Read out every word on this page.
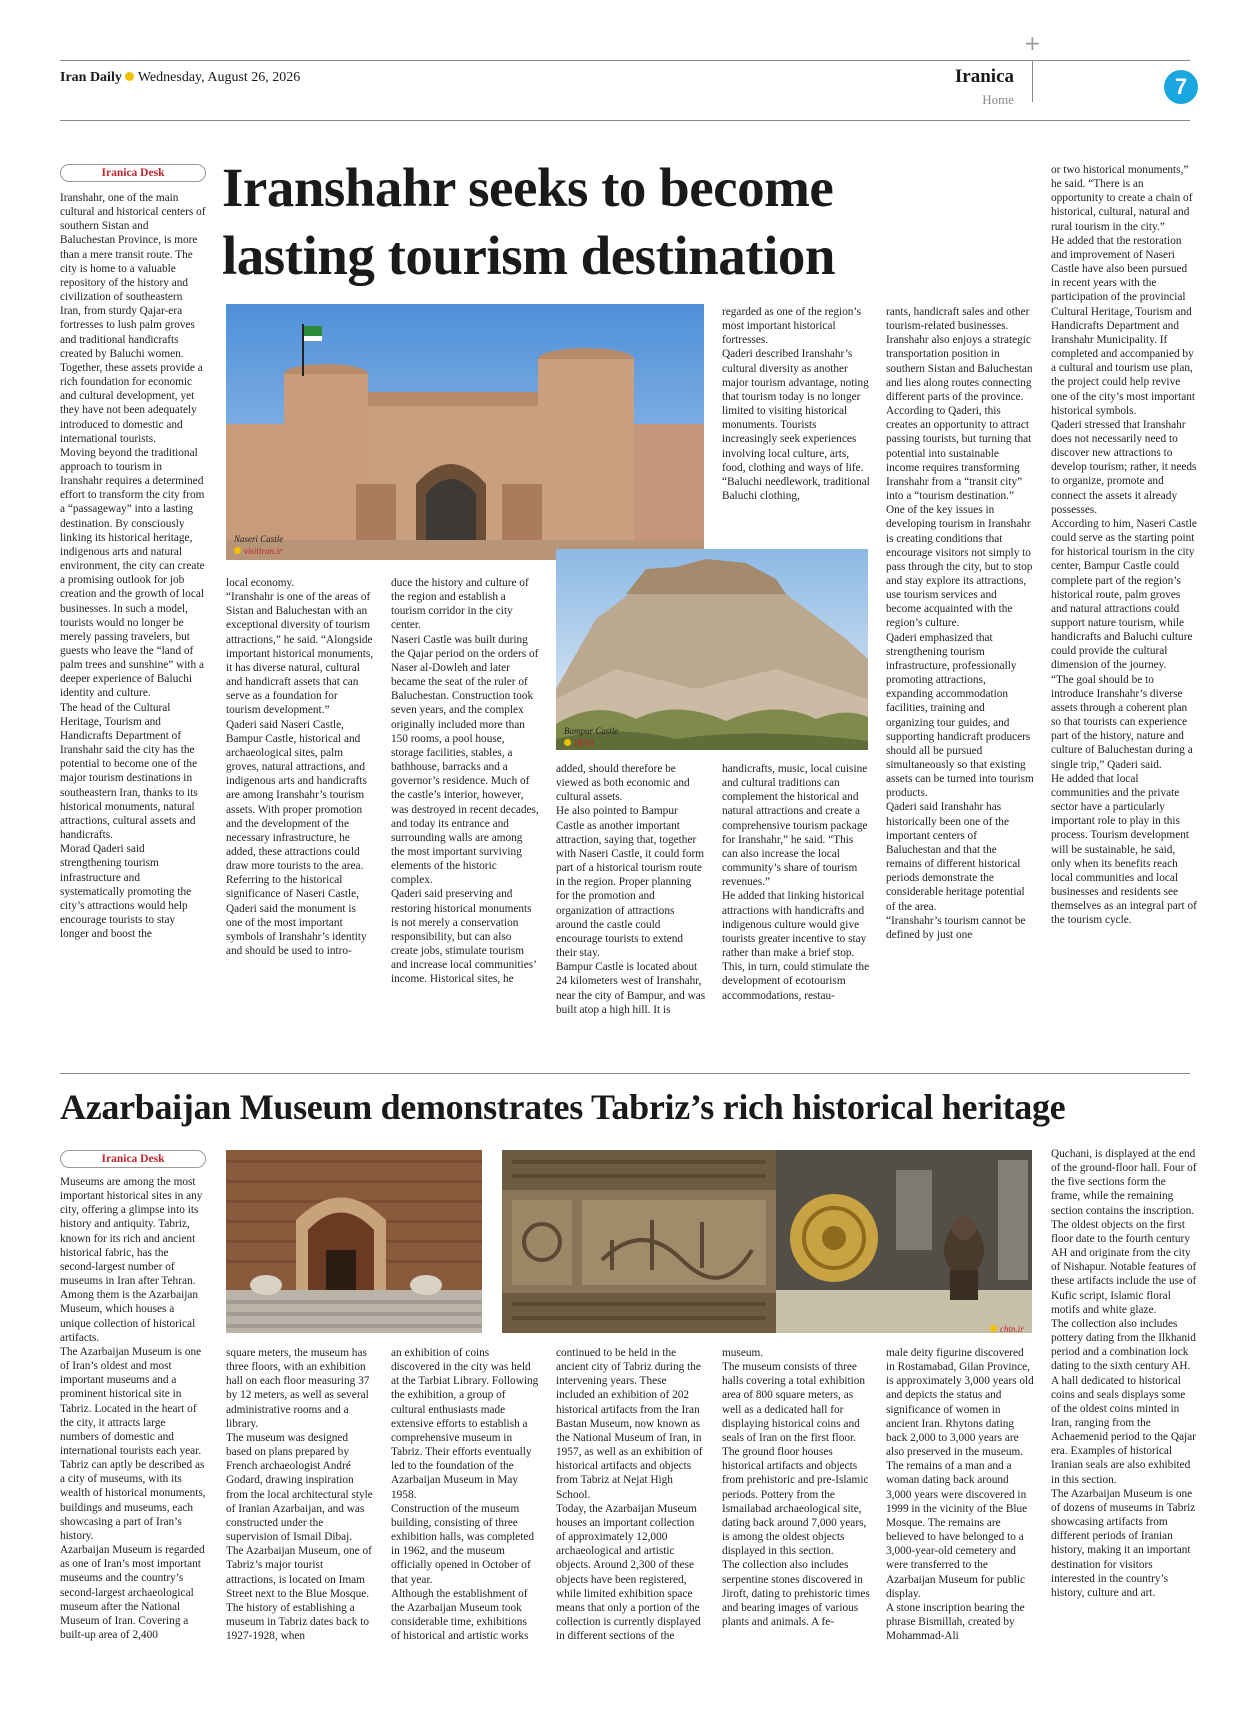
+
Iran Daily Wednesday, August 26, 2026	Iranica
Home
7
Iranica Desk	Iranshahr seeks to become
lasting tourism destination
Naseri Castle
visitiran.ir
Bampur Castle
IRNA
Iranshahr, one of the main cultural and historical centers of southern Sistan and Baluchestan Province, is more than a mere transit route. The city is home to a valuable repository of the history and civilization of southeastern Iran, from sturdy Qajar-era fortresses to lush palm groves and traditional handicrafts created by Baluchi women. Together, these assets provide a rich foundation for economic and cultural development, yet they have not been adequately introduced to domestic and international tourists.
Moving beyond the traditional approach to tourism in Iranshahr requires a determined effort to transform the city from a “passageway” into a lasting destination. By consciously linking its historical heritage, indigenous arts and natural environment, the city can create a promising outlook for job creation and the growth of local businesses. In such a model, tourists would no longer be merely passing travelers, but guests who leave the “land of palm trees and sunshine” with a deeper experience of Baluchi identity and culture.
The head of the Cultural Heritage, Tourism and Handicrafts Department of Iranshahr said the city has the potential to become one of the major tourism destinations in southeastern Iran, thanks to its historical monuments, natural attractions, cultural assets and handicrafts.
Morad Qaderi said strengthening tourism infrastructure and systematically promoting the city’s attractions would help encourage tourists to stay longer and boost the
local economy.
“Iranshahr is one of the areas of Sistan and Baluchestan with an exceptional diversity of tourism attractions,” he said. “Alongside important historical monuments, it has diverse natural, cultural and handicraft assets that can serve as a foundation for tourism development.”
Qaderi said Naseri Castle, Bampur Castle, historical and archaeological sites, palm groves, natural attractions, and indigenous arts and handicrafts are among Iranshahr’s tourism assets. With proper promotion and the development of the necessary infrastructure, he added, these attractions could draw more tourists to the area.
Referring to the historical significance of Naseri Castle, Qaderi said the monument is one of the most important symbols of Iranshahr’s identity and should be used to intro-
duce the history and culture of the region and establish a tourism corridor in the city center.
Naseri Castle was built during the Qajar period on the orders of Naser al-Dowleh and later became the seat of the ruler of Baluchestan. Construction took seven years, and the complex originally included more than 150 rooms, a pool house, storage facilities, stables, a bathhouse, barracks and a governor’s residence. Much of the castle’s interior, however, was destroyed in recent decades, and today its entrance and surrounding walls are among the most important surviving elements of the historic complex.
Qaderi said preserving and restoring historical monuments is not merely a conservation responsibility, but can also create jobs, stimulate tourism and increase local communities’ income. Historical sites, he
regarded as one of the region’s most important historical fortresses.
Qaderi described Iranshahr’s cultural diversity as another major tourism advantage, noting that tourism today is no longer limited to visiting historical monuments. Tourists increasingly seek experiences involving local culture, arts, food, clothing and ways of life.
“Baluchi needlework, traditional Baluchi clothing,
added, should therefore be viewed as both economic and cultural assets.
He also pointed to Bampur Castle as another important attraction, saying that, together with Naseri Castle, it could form part of a historical tourism route in the region. Proper planning for the promotion and organization of attractions around the castle could encourage tourists to extend their stay.
Bampur Castle is located about 24 kilometers west of Iranshahr, near the city of Bampur, and was built atop a high hill. It is
handicrafts, music, local cuisine and cultural traditions can complement the historical and natural attractions and create a comprehensive tourism package for Iranshahr,” he said. “This can also increase the local community’s share of tourism revenues.”
He added that linking historical attractions with handicrafts and indigenous culture would give tourists greater incentive to stay rather than make a brief stop. This, in turn, could stimulate the development of ecotourism accommodations, restau-
rants, handicraft sales and other tourism-related businesses.
Iranshahr also enjoys a strategic transportation position in southern Sistan and Baluchestan and lies along routes connecting different parts of the province. According to Qaderi, this creates an opportunity to attract passing tourists, but turning that potential into sustainable income requires transforming Iranshahr from a “transit city” into a “tourism destination.”
One of the key issues in developing tourism in Iranshahr is creating conditions that encourage visitors not simply to pass through the city, but to stop and stay explore its attractions, use tourism services and become acquainted with the region’s culture.
Qaderi emphasized that strengthening tourism infrastructure, professionally promoting attractions, expanding accommodation facilities, training and organizing tour guides, and supporting handicraft producers should all be pursued simultaneously so that existing assets can be turned into tourism products.
Qaderi said Iranshahr has historically been one of the important centers of Baluchestan and that the remains of different historical periods demonstrate the considerable heritage potential of the area.
“Iranshahr’s tourism cannot be defined by just one
or two historical monuments,” he said. “There is an opportunity to create a chain of historical, cultural, natural and rural tourism in the city.”
He added that the restoration and improvement of Naseri Castle have also been pursued in recent years with the participation of the provincial Cultural Heritage, Tourism and Handicrafts Department and Iranshahr Municipality. If completed and accompanied by a cultural and tourism use plan, the project could help revive one of the city’s most important historical symbols.
Qaderi stressed that Iranshahr does not necessarily need to discover new attractions to develop tourism; rather, it needs to organize, promote and connect the assets it already possesses.
According to him, Naseri Castle could serve as the starting point for historical tourism in the city center, Bampur Castle could complete part of the region’s historical route, palm groves and natural attractions could support nature tourism, while handicrafts and Baluchi culture could provide the cultural dimension of the journey.
“The goal should be to introduce Iranshahr’s diverse assets through a coherent plan so that tourists can experience part of the history, nature and culture of Baluchestan during a single trip,” Qaderi said.
He added that local communities and the private sector have a particularly important role to play in this process. Tourism development will be sustainable, he said, only when its benefits reach local communities and local businesses and residents see themselves as an integral part of the tourism cycle.
Azarbaijan Museum demonstrates Tabriz’s rich historical heritage
Iranica Desk
chtn.ir
Museums are among the most important historical sites in any city, offering a glimpse into its history and antiquity. Tabriz, known for its rich and ancient historical fabric, has the second-largest number of museums in Iran after Tehran. Among them is the Azarbaijan Museum, which houses a unique collection of historical artifacts.
The Azarbaijan Museum is one of Iran’s oldest and most important museums and a prominent historical site in Tabriz. Located in the heart of the city, it attracts large numbers of domestic and international tourists each year. Tabriz can aptly be described as a city of museums, with its wealth of historical monuments, buildings and museums, each showcasing a part of Iran’s history.
Azarbaijan Museum is regarded as one of Iran’s most important museums and the country’s second-largest archaeological museum after the National Museum of Iran. Covering a built-up area of 2,400
square meters, the museum has three floors, with an exhibition hall on each floor measuring 37 by 12 meters, as well as several administrative rooms and a library.
The museum was designed based on plans prepared by French archaeologist André Godard, drawing inspiration from the local architectural style of Iranian Azarbaijan, and was constructed under the supervision of Ismail Dibaj.
The Azarbaijan Museum, one of Tabriz’s major tourist attractions, is located on Imam Street next to the Blue Mosque.
The history of establishing a museum in Tabriz dates back to 1927-1928, when
an exhibition of coins discovered in the city was held at the Tarbiat Library. Following the exhibition, a group of cultural enthusiasts made extensive efforts to establish a comprehensive museum in Tabriz. Their efforts eventually led to the foundation of the Azarbaijan Museum in May 1958.
Construction of the museum building, consisting of three exhibition halls, was completed in 1962, and the museum officially opened in October of that year.
Although the establishment of the Azarbaijan Museum took considerable time, exhibitions of historical and artistic works
continued to be held in the ancient city of Tabriz during the intervening years. These included an exhibition of 202 historical artifacts from the Iran Bastan Museum, now known as the National Museum of Iran, in 1957, as well as an exhibition of historical artifacts and objects from Tabriz at Nejat High School.
Today, the Azarbaijan Museum houses an important collection of approximately 12,000 archaeological and artistic objects. Around 2,300 of these objects have been registered, while limited exhibition space means that only a portion of the collection is currently displayed in different sections of the
museum.
The museum consists of three halls covering a total exhibition area of 800 square meters, as well as a dedicated hall for displaying historical coins and seals of Iran on the first floor.
The ground floor houses historical artifacts and objects from prehistoric and pre-Islamic periods. Pottery from the Ismailabad archaeological site, dating back around 7,000 years, is among the oldest objects displayed in this section.
The collection also includes serpentine stones discovered in Jiroft, dating to prehistoric times and bearing images of various plants and animals. A fe-
male deity figurine discovered in Rostamabad, Gilan Province, is approximately 3,000 years old and depicts the status and significance of women in ancient Iran. Rhytons dating back 2,000 to 3,000 years are also preserved in the museum.
The remains of a man and a woman dating back around 3,000 years were discovered in 1999 in the vicinity of the Blue Mosque. The remains are believed to have belonged to a 3,000-year-old cemetery and were transferred to the Azarbaijan Museum for public display.
A stone inscription bearing the phrase Bismillah, created by Mohammad-Ali
Quchani, is displayed at the end of the ground-floor hall. Four of the five sections form the frame, while the remaining section contains the inscription.
The oldest objects on the first floor date to the fourth century AH and originate from the city of Nishapur. Notable features of these artifacts include the use of Kufic script, Islamic floral motifs and white glaze.
The collection also includes pottery dating from the Ilkhanid period and a combination lock dating to the sixth century AH.
A hall dedicated to historical coins and seals displays some of the oldest coins minted in Iran, ranging from the Achaemenid period to the Qajar era. Examples of historical Iranian seals are also exhibited in this section.
The Azarbaijan Museum is one of dozens of museums in Tabriz showcasing artifacts from different periods of Iranian history, making it an important destination for visitors interested in the country’s history, culture and art.
